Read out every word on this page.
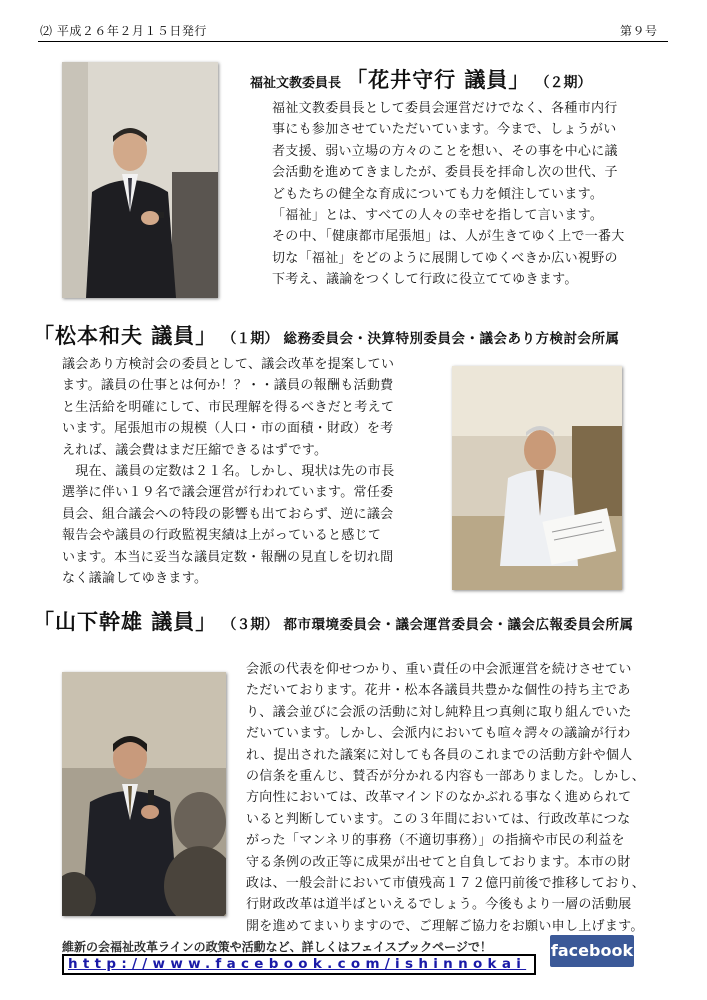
⑵ 平成２６年２月１５日発行	第９号
福祉文教委員長 「花井守行 議員」 （２期）

福祉文教委員長として委員会運営だけでなく、各種市内行

事にも参加させていただいています。今まで、しょうがい

者支援、弱い立場の方々のことを想い、その事を中心に議

会活動を進めてきましたが、委員長を拝命し次の世代、子

どもたちの健全な育成についても力を傾注しています。

「福祉」とは、すべての人々の幸せを指して言います。

その中、「健康都市尾張旭」は、人が生きてゆく上で一番大

切な「福祉」をどのように展開してゆくべきか広い視野の

下考え、議論をつくして行政に役立ててゆきます。

「松本和夫 議員」 （１期） 総務委員会・決算特別委員会・議会あり方検討会所属

議会あり方検討会の委員として、議会改革を提案してい

ます。議員の仕事とは何か！？・・議員の報酬も活動費

と生活給を明確にして、市民理解を得るべきだと考えて

います。尾張旭市の規模（人口・市の面積・財政）を考

えれば、議会費はまだ圧縮できるはずです。

　現在、議員の定数は２１名。しかし、現状は先の市長

選挙に伴い１９名で議会運営が行われています。常任委

員会、組合議会への特段の影響も出ておらず、逆に議会

報告会や議員の行政監視実績は上がっていると感じて

います。本当に妥当な議員定数・報酬の見直しを切れ間

なく議論してゆきます。

「山下幹雄 議員」 （３期） 都市環境委員会・議会運営委員会・議会広報委員会所属

会派の代表を仰せつかり、重い責任の中会派運営を続けさせてい

ただいております。花井・松本各議員共豊かな個性の持ち主であ

り、議会並びに会派の活動に対し純粋且つ真剣に取り組んでいた

だいています。しかし、会派内においても喧々諤々の議論が行わ

れ、提出された議案に対しても各員のこれまでの活動方針や個人

の信条を重んじ、賛否が分かれる内容も一部ありました。しかし、

方向性においては、改革マインドのなかぶれる事なく進められて

いると判断しています。この３年間においては、行政改革につな

がった「マンネリ的事務（不適切事務）」の指摘や市民の利益を

守る条例の改正等に成果が出せてと自負しております。本市の財

政は、一般会計において市債残高１７２億円前後で推移しており、

行財政改革は道半ばといえるでしょう。今後もより一層の活動展

開を進めてまいりますので、ご理解ご協力をお願い申し上げます。

維新の会福祉改革ラインの政策や活動など、詳しくはフェイスブックページで！
http://www.facebook.com/ishinnokai
facebook
